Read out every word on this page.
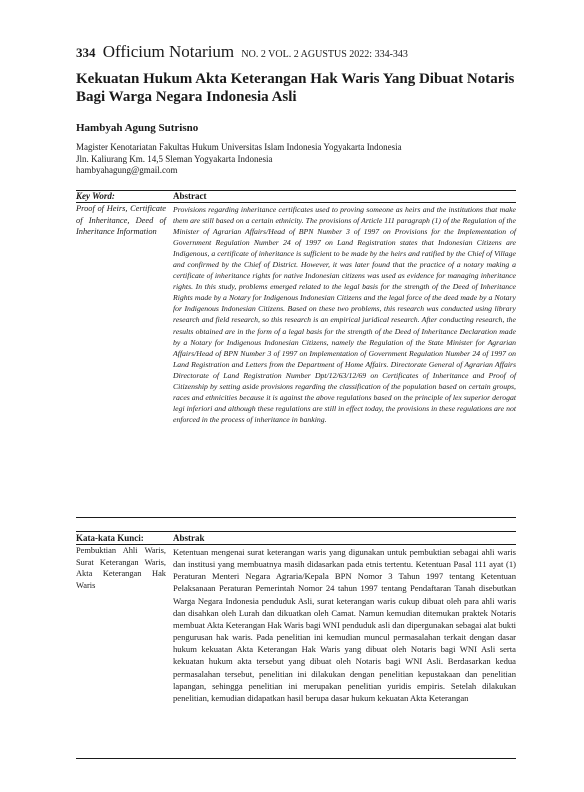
334 Officium Notarium NO. 2 VOL. 2 AGUSTUS 2022: 334-343
Kekuatan Hukum Akta Keterangan Hak Waris Yang Dibuat Notaris Bagi Warga Negara Indonesia Asli
Hambyah Agung Sutrisno
Magister Kenotariatan Fakultas Hukum Universitas Islam Indonesia Yogyakarta Indonesia
Jln. Kaliurang Km. 14,5 Sleman Yogyakarta Indonesia
hambyahagung@gmail.com
Key Word:
Proof of Heirs, Certificate of Inheritance, Deed of Inheritance Information
Abstract
Provisions regarding inheritance certificates used to proving someone as heirs and the institutions that make them are still based on a certain ethnicity. The provisions of Article 111 paragraph (1) of the Regulation of the Minister of Agrarian Affairs/Head of BPN Number 3 of 1997 on Provisions for the Implementation of Government Regulation Number 24 of 1997 on Land Registration states that Indonesian Citizens are Indigenous, a certificate of inheritance is sufficient to be made by the heirs and ratified by the Chief of Village and confirmed by the Chief of District. However, it was later found that the practice of a notary making a certificate of inheritance rights for native Indonesian citizens was used as evidence for managing inheritance rights. In this study, problems emerged related to the legal basis for the strength of the Deed of Inheritance Rights made by a Notary for Indigenous Indonesian Citizens and the legal force of the deed made by a Notary for Indigenous Indonesian Citizens. Based on these two problems, this research was conducted using library research and field research, so this research is an empirical juridical research. After conducting research, the results obtained are in the form of a legal basis for the strength of the Deed of Inheritance Declaration made by a Notary for Indigenous Indonesian Citizens, namely the Regulation of the State Minister for Agrarian Affairs/Head of BPN Number 3 of 1997 on Implementation of Government Regulation Number 24 of 1997 on Land Registration and Letters from the Department of Home Affairs. Directorate General of Agrarian Affairs Directorate of Land Registration Number Dpt/12/63/12/69 on Certificates of Inheritance and Proof of Citizenship by setting aside provisions regarding the classification of the population based on certain groups, races and ethnicities because it is against the above regulations based on the principle of lex superior derogat legi inferiori and although these regulations are still in effect today, the provisions in these regulations are not enforced in the process of inheritance in banking.
Kata-kata Kunci:
Pembuktian Ahli Waris, Surat Keterangan Waris, Akta Keterangan Hak Waris
Abstrak
Ketentuan mengenai surat keterangan waris yang digunakan untuk pembuktian sebagai ahli waris dan institusi yang membuatnya masih didasarkan pada etnis tertentu. Ketentuan Pasal 111 ayat (1) Peraturan Menteri Negara Agraria/Kepala BPN Nomor 3 Tahun 1997 tentang Ketentuan Pelaksanaan Peraturan Pemerintah Nomor 24 tahun 1997 tentang Pendaftaran Tanah disebutkan Warga Negara Indonesia penduduk Asli, surat keterangan waris cukup dibuat oleh para ahli waris dan disahkan oleh Lurah dan dikuatkan oleh Camat. Namun kemudian ditemukan praktek Notaris membuat Akta Keterangan Hak Waris bagi WNI penduduk asli dan dipergunakan sebagai alat bukti pengurusan hak waris. Pada penelitian ini kemudian muncul permasalahan terkait dengan dasar hukum kekuatan Akta Keterangan Hak Waris yang dibuat oleh Notaris bagi WNI Asli serta kekuatan hukum akta tersebut yang dibuat oleh Notaris bagi WNI Asli. Berdasarkan kedua permasalahan tersebut, penelitian ini dilakukan dengan penelitian kepustakaan dan penelitian lapangan, sehingga penelitian ini merupakan penelitian yuridis empiris. Setelah dilakukan penelitian, kemudian didapatkan hasil berupa dasar hukum kekuatan Akta Keterangan
